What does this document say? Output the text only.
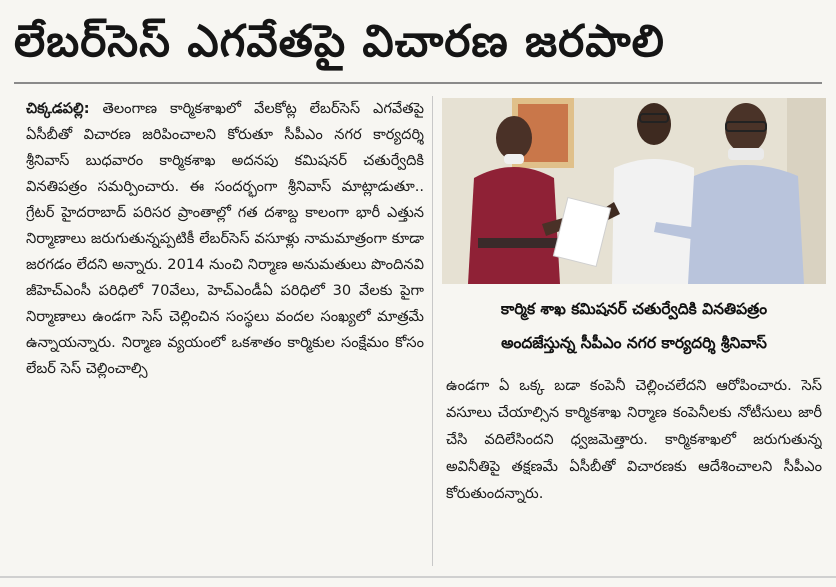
లేబర్‌సెస్ ఎగవేతపై విచారణ జరపాలి
చిక్కడపల్లి: తెలంగాణ కార్మికశాఖలో వేలకోట్ల లేబర్‌సెస్ ఎగవేతపై ఏసీబీతో విచారణ జరిపించాలని కోరుతూ సీపీఎం నగర కార్యదర్శి శ్రీనివాస్ బుధవారం కార్మికశాఖ అదనపు కమిషనర్ చతుర్వేదికి వినతిపత్రం సమర్పించారు. ఈ సందర్భంగా శ్రీనివాస్ మాట్లాడుతూ.. గ్రేటర్ హైదరాబాద్ పరిసర ప్రాంతాల్లో గత దశాబ్ద కాలంగా భారీ ఎత్తున నిర్మాణాలు జరుగుతున్నప్పటికీ లేబర్‌సెస్ వసూళ్లు నామమాత్రంగా కూడా జరగడం లేదని అన్నారు. 2014 నుంచి నిర్మాణ అనుమతులు పొందినవి జీహెచ్ఎంసీ పరిధిలో 70వేలు, హెచ్ఎండీఏ పరిధిలో 30 వేలకు పైగా నిర్మాణాలు ఉండగా సెస్ చెల్లించిన సంస్థలు వందల సంఖ్యలో మాత్రమే ఉన్నాయన్నారు. నిర్మాణ వ్యయంలో ఒకశాతం కార్మికుల సంక్షేమం కోసం లేబర్ సెస్ చెల్లించాల్సి
కార్మిక శాఖ కమిషనర్ చతుర్వేదికి వినతిపత్రం
అందజేస్తున్న సీపీఎం నగర కార్యదర్శి శ్రీనివాస్
ఉండగా ఏ ఒక్క బడా కంపెనీ చెల్లించలేదని ఆరోపించారు. సెస్ వసూలు చేయాల్సిన కార్మికశాఖ నిర్మాణ కంపెనీలకు నోటీసులు జారీ చేసి వదిలేసిందని ధ్వజమెత్తారు. కార్మికశాఖలో జరుగుతున్న అవినీతిపై తక్షణమే ఏసీబీతో విచారణకు ఆదేశించాలని సీపీఎం కోరుతుందన్నారు.
